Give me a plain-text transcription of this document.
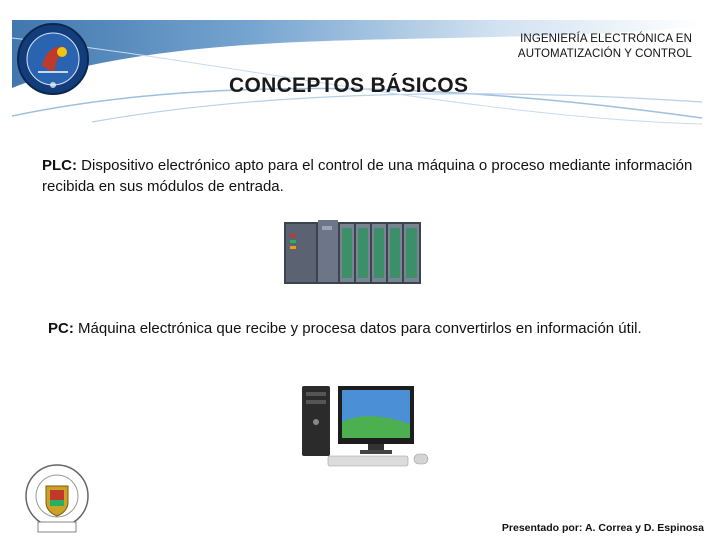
INGENIERÍA ELECTRÓNICA EN
AUTOMATIZACIÓN Y CONTROL
CONCEPTOS BÁSICOS
PLC: Dispositivo electrónico apto para el control de una máquina o proceso mediante información recibida en sus módulos de entrada.
PC: Máquina electrónica que recibe y procesa datos para convertirlos en información útil.
Presentado por: A. Correa y D. Espinosa
